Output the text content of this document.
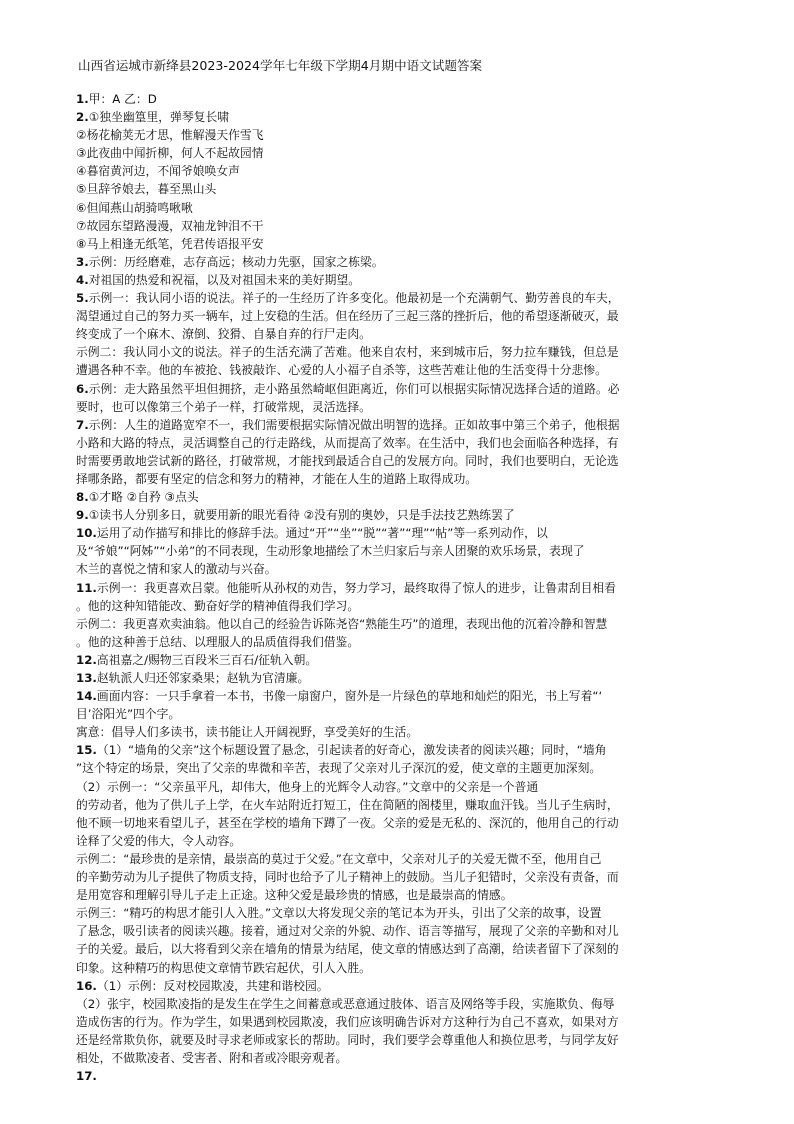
山西省运城市新绛县2023-2024学年七年级下学期4月期中语文试题答案
1.甲：A 乙：D
2.①独坐幽篁里，弹琴复长啸
②杨花榆荚无才思，惟解漫天作雪飞
③此夜曲中闻折柳，何人不起故园情
④暮宿黄河边，不闻爷娘唤女声
⑤旦辞爷娘去，暮至黑山头
⑥但闻燕山胡骑鸣啾啾
⑦故园东望路漫漫，双袖龙钟泪不干
⑧马上相逢无纸笔，凭君传语报平安
3.示例：历经磨难，志存高远；核动力先驱，国家之栋梁。
4.对祖国的热爱和祝福，以及对祖国未来的美好期望。
5.示例一：我认同小语的说法。祥子的一生经历了许多变化。他最初是一个充满朝气、勤劳善良的车夫，
渴望通过自己的努力买一辆车，过上安稳的生活。但在经历了三起三落的挫折后，他的希望逐渐破灭，最
终变成了一个麻木、潦倒、狡猾、自暴自弃的行尸走肉。
示例二：我认同小文的说法。祥子的生活充满了苦难。他来自农村，来到城市后，努力拉车赚钱，但总是
遭遇各种不幸。他的车被抢、钱被敲诈、心爱的人小福子自杀等，这些苦难让他的生活变得十分悲惨。
6.示例：走大路虽然平坦但拥挤，走小路虽然崎岖但距离近，你们可以根据实际情况选择合适的道路。必
要时，也可以像第三个弟子一样，打破常规，灵活选择。
7.示例：人生的道路宽窄不一，我们需要根据实际情况做出明智的选择。正如故事中第三个弟子，他根据
小路和大路的特点，灵活调整自己的行走路线，从而提高了效率。在生活中，我们也会面临各种选择，有
时需要勇敢地尝试新的路径，打破常规，才能找到最适合自己的发展方向。同时，我们也要明白，无论选
择哪条路，都要有坚定的信念和努力的精神，才能在人生的道路上取得成功。
8.①才略 ②自矜 ③点头
9.①读书人分别多日，就要用新的眼光看待 ②没有别的奥妙，只是手法技艺熟练罢了
10.运用了动作描写和排比的修辞手法。通过“开”“坐”“脱”“著”“理”“帖”等一系列动作，以
及“爷娘”“阿姊”“小弟”的不同表现，生动形象地描绘了木兰归家后与亲人团聚的欢乐场景，表现了
木兰的喜悦之情和家人的激动与兴奋。
11.示例一：我更喜欢吕蒙。他能听从孙权的劝告，努力学习，最终取得了惊人的进步，让鲁肃刮目相看
。他的这种知错能改、勤奋好学的精神值得我们学习。
示例二：我更喜欢卖油翁。他以自己的经验告诉陈尧咨“熟能生巧”的道理，表现出他的沉着冷静和智慧
。他的这种善于总结、以理服人的品质值得我们借鉴。
12.高祖嘉之/赐物三百段米三百石/征轨入朝。
13.赵轨派人归还邻家桑果；赵轨为官清廉。
14.画面内容：一只手拿着一本书，书像一扇窗户，窗外是一片绿色的草地和灿烂的阳光，书上写着“‘
目’浴阳光”四个字。
寓意：倡导人们多读书，读书能让人开阔视野，享受美好的生活。
15.（1）“墙角的父亲”这个标题设置了悬念，引起读者的好奇心，激发读者的阅读兴趣；同时，“墙角
”这个特定的场景，突出了父亲的卑微和辛苦，表现了父亲对儿子深沉的爱，使文章的主题更加深刻。
（2）示例一：“父亲虽平凡，却伟大，他身上的光辉令人动容。”文章中的父亲是一个普通
的劳动者，他为了供儿子上学，在火车站附近打短工，住在简陋的阁楼里，赚取血汗钱。当儿子生病时，
他不顾一切地来看望儿子，甚至在学校的墙角下蹲了一夜。父亲的爱是无私的、深沉的，他用自己的行动
诠释了父爱的伟大，令人动容。
示例二：“最珍贵的是亲情，最崇高的莫过于父爱。”在文章中，父亲对儿子的关爱无微不至，他用自己
的辛勤劳动为儿子提供了物质支持，同时也给予了儿子精神上的鼓励。当儿子犯错时，父亲没有责备，而
是用宽容和理解引导儿子走上正途。这种父爱是最珍贵的情感，也是最崇高的情感。
示例三：“精巧的构思才能引人入胜。”文章以大将发现父亲的笔记本为开头，引出了父亲的故事，设置
了悬念，吸引读者的阅读兴趣。接着，通过对父亲的外貌、动作、语言等描写，展现了父亲的辛勤和对儿
子的关爱。最后，以大将看到父亲在墙角的情景为结尾，使文章的情感达到了高潮，给读者留下了深刻的
印象。这种精巧的构思使文章情节跌宕起伏，引人入胜。
16.（1）示例：反对校园欺凌，共建和谐校园。
（2）张宇，校园欺凌指的是发生在学生之间蓄意或恶意通过肢体、语言及网络等手段，实施欺负、侮辱
造成伤害的行为。作为学生，如果遇到校园欺凌，我们应该明确告诉对方这种行为自己不喜欢，如果对方
还是经常欺负你，就要及时寻求老师或家长的帮助。同时，我们要学会尊重他人和换位思考，与同学友好
相处，不做欺凌者、受害者、附和者或冷眼旁观者。
17.
